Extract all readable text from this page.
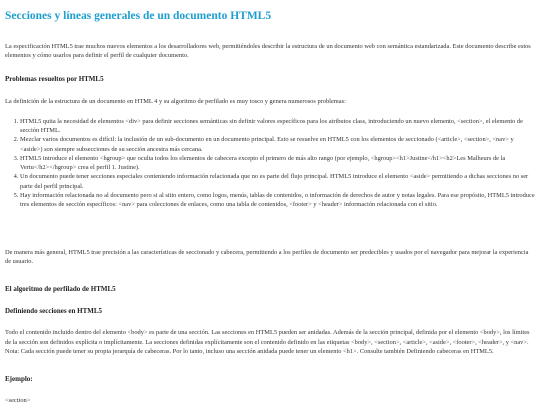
Secciones y líneas generales de un documento HTML5

La especificación HTML5 trae muchos nuevos elementos a los desarrolladores web, permitiéndoles describir la estructura de un documento web con semántica estandarizada. Este documento describe estos elementos y cómo usarlos para definir el perfil de cualquier documento.

Problemas resueltos por HTML5

La definición de la estructura de un documento en HTML 4 y su algoritmo de perfilado es muy tosco y genera numerosos problemas:

1. HTML5 quita la necesidad de elementos <div> para definir secciones semánticas sin definir valores específicos para los atributos class, introduciendo un nuevo elemento, <section>, el elemento de sección HTML.
2. Mezclar varios documentos es difícil: la inclusión de un sub-documento en un documento principal. Esto se resuelve en HTML5 con los elementos de seccionado (<article>, <section>, <nav> y <aside>) son siempre subsecciones de su sección ancestra más cercana.
3. HTML5 introduce el elemento <hgroup> que oculta todos los elementos de cabecera excepto el primero de más alto rango (por ejemplo, <hgroup><h1>Justine</h1><h2>Les Malheurs de la Vertu</h2></hgroup> crea el perfil 1. Justine).
4. Un documento puede tener secciones especiales conteniendo información relacionada que no es parte del flujo principal. HTML5 introduce el elemento <aside> permitiendo a dichas secciones no ser parte del perfil principal.
5. Hay información relacionada no al documento pero si al sitio entero, como logos, menús, tablas de contenidos, o información de derechos de autor y notas legales. Para ese propósito, HTML5 introduce tres elementos de sección específicos: <nav> para colecciones de enlaces, como una tabla de contenidos, <footer> y <header> información relacionada con el sitio.

De manera más general, HTML5 trae precisión a las características de seccionado y cabecera, permitiendo a los perfiles de documento ser predecibles y usados por el navegador para mejorar la experiencia de usuario.

El algoritmo de perfilado de HTML5
Definiendo secciones en HTML5

Todo el contenido incluido dentro del elemento <body> es parte de una sección. Las secciones en HTML5 pueden ser anidadas. Además de la sección principal, definida por el elemento <body>, los límites de la sección son definidos explícita o implícitamente. La secciones definidas explícitamente son el contenido definido en las etiquetas <body>, <section>, <article>, <aside>, <footer>, <header>, y <nav>. Nota: Cada sección puede tener su propia jerarquía de cabeceras. Por lo tanto, incluso una sección anidada puede tener un elemento <h1>. Consulte también Definiendo cabeceras en HTML5.

Ejemplo:

<section>
